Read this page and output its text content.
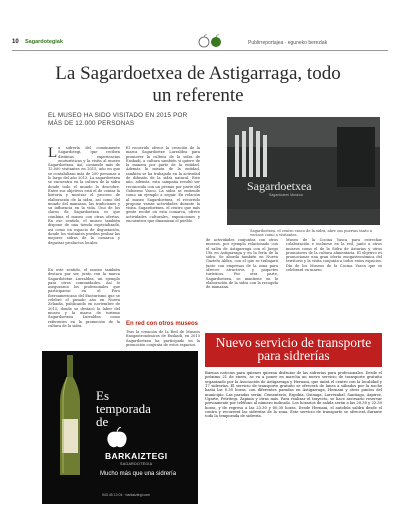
10 Sagardotegiak	Publirreportajea · eguneko bereziak
La Sagardoetxea de Astigarraga, todo un referente
EL MUSEO HA SIDO VISITADO EN 2015 POR MÁS DE 12.000 PERSONAS
L a sidrería del comúnmente Sagardotegi, que reciben distintas experiencias enoturísticas y la visita al museo Sagardoetxea. Así, contando más de 12.000 visitantes en 2015, año en que se contabilizan más de 200 personas a lo largo del año 2013. La sagardoetxea se encuentra en la cultura de la sidra donde todo el mundo lo descubre. Entre sus objetivos está el de contar la historia y mostrar el proceso de elaboración de la sidra, así como del mundo del manzano, las tradiciones y su influencia en la vida. Uno de los claros de Sagardoetxea es que combina el museo con otras ofertas. En ese sentido, el museo también dispone de una tienda especializada, así como un espacio de degustación, donde los visitantes pueden probar las mejores sidras de la comarca y degustar productos locales.
En este sentido, el museo también destaca por ser, junto con la marca Sagardotetxe Lurraldea, un ejemplo para otros comunidades. Así lo aseguraron los profesionales que participaron en el Foro Iberoamericano del Enoturismo que se celebró el pasado año en Nueva Zelanda, publicando en noviembre de 2015, donde se destacó la labor del museo y la marca de turismo Sagardoetxea Lurraldea como referentes en la promoción de la cultura de la sidra.
El recorrido ofrece la creación de la marca Sagardoetxe Lurraldea para promover la cultura de la sidra de Euskadi, a cultura sambién si quiere de la manera por parte de la entidad. Además la misión de la entidad, también se ha trabajado en la actividad de difusión de la sidra natural. Este año, además, esta campaña resultó ser reconocida con un premio por parte del Gobierno Vasco. La sidra se entiende como un ejemplo a seguir. En relación al museo Sagardoetxea, el recorrido propone varias actividades durante la visita. Sagardoetxea, el centro que más gente recibe en esta comarca, ofrece actividades culturales, exposiciones y encuentros que dinamizan el pueblo.
Sagardoetxea
Sagardoaren Museoa
Sagardoetxea, el centro vasco de la sidra, abre sus puertas tanto a vecinos como a visitantes.
de actividades conjuntas con otros museos, por ejemplo relacionado con el salón de Astigarraga con el Juego Ufa en Astigarraga y en la feria de la sidra. Se aborda también en Nueva Gaztelu Aldea, con el que se trabajará junto con empresas de la zona para ofrecer atractivos y paquetes turísticos. Por otra parte, Sagardoetxea, se mantiene en la elaboración de la sidra con la recogida de manzana.
Museo de la Cocina Vasca para estrechar colaboración e incluirse en la red, junto a otros museos como el de la Sidra de Asturias y otros promotores de la cultura alimentaria. El objetivo es promocionar una gran oferta enogastronómica del territorio y la visita conjunta a todos estos espacios. Día de los Museos de la Cocina Vasca que se celebrará en marzo.
En red con otros museos
Tras la creación de la Red de Museos Enogastronómicos de Euskadi, en 2015 Sagardoetxea ha participado en la promoción conjunta de estos espacios.	Nuevo servicio de transporte para sidrerías
Buenas noticias para quienes quieran disfrutar de las sidrerías para profesionales. Desde el próximo 21 de enero, se va a poner en marcha un nuevo servicio de transporte gratuito organizado por la Asociación de Astigarraga y Hernani, que unirá el centro con la localidad y 17 sidrerías. El servicio de transporte gratuito se ofrecerá de lunes a sábados por la noche hasta las 0.30 horas, con diferentes paradas en Astigarraga, Hernani y otros puntos del municipio. Las paradas serán: Cementerio, Ergobia, Osinaga, Larrezabal, Santiago, Azpiroz, Ugarte, Petritegi, Zapiain y otras más. Para realizar el trayecto, se hace necesario reservar previamente por teléfono al número indicado. Los horarios de salida serán a las 20.30 y 22.30 horas, y de regreso a las 23.30 y 00.30 horas. Desde Hernani, el autobús saldrá desde el centro y recorrerá las sidrerías de la zona. Este servicio de transporte se ofrecerá durante toda la temporada de sidrería.
Es
temporada
de
BARKAIZTEGI
SAGARDOTEGIA
Mucho más que una sidrería
943 45 13 04 · barkaiztegi.com
